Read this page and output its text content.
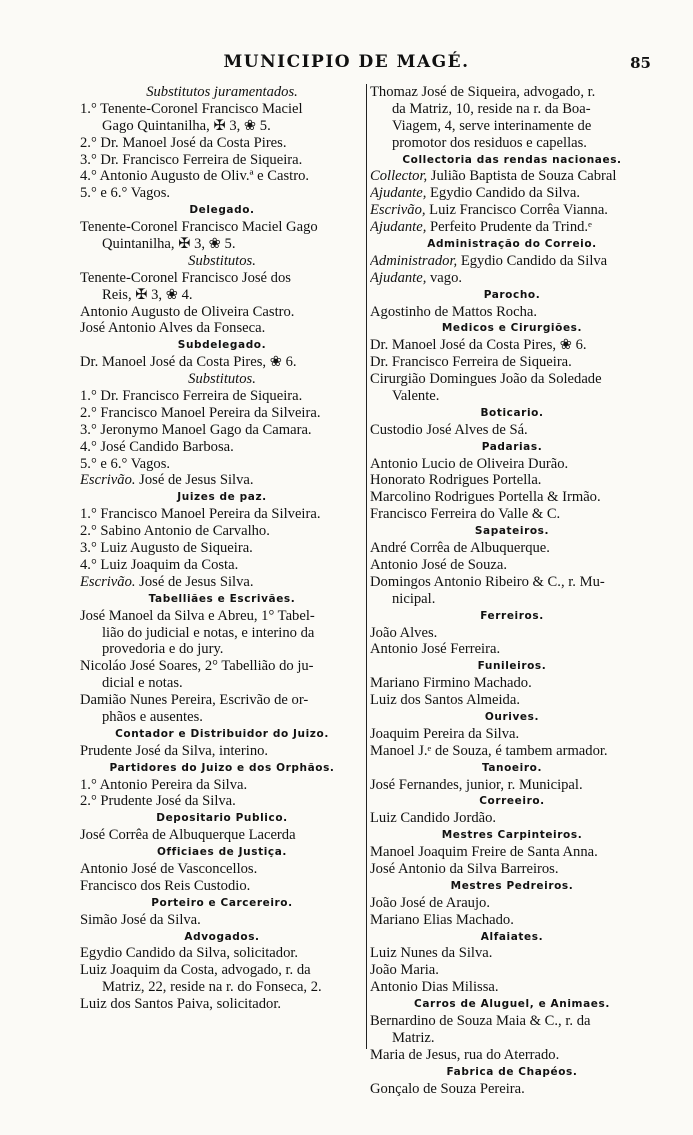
MUNICIPIO DE MAGÉ.	85
Substitutos juramentados.
1.° Tenente-Coronel Francisco Maciel
Gago Quintanilha, ✠ 3, ❀ 5.
2.° Dr. Manoel José da Costa Pires.
3.° Dr. Francisco Ferreira de Siqueira.
4.° Antonio Augusto de Oliv.ª e Castro.
5.° e 6.° Vagos.
Delegado.
Tenente-Coronel Francisco Maciel Gago
Quintanilha, ✠ 3, ❀ 5.
Substitutos.
Tenente-Coronel Francisco José dos
Reis, ✠ 3, ❀ 4.
Antonio Augusto de Oliveira Castro.
José Antonio Alves da Fonseca.
Subdelegado.
Dr. Manoel José da Costa Pires, ❀ 6.
Substitutos.
1.° Dr. Francisco Ferreira de Siqueira.
2.° Francisco Manoel Pereira da Silveira.
3.° Jeronymo Manoel Gago da Camara.
4.° José Candido Barbosa.
5.° e 6.° Vagos.
Escrivão. José de Jesus Silva.
Juizes de paz.
1.° Francisco Manoel Pereira da Silveira.
2.° Sabino Antonio de Carvalho.
3.° Luiz Augusto de Siqueira.
4.° Luiz Joaquim da Costa.
Escrivão. José de Jesus Silva.
Tabelliães e Escrivães.
José Manoel da Silva e Abreu, 1° Tabel-
lião do judicial e notas, e interino da
provedoria e do jury.
Nicoláo José Soares, 2° Tabellião do ju-
dicial e notas.
Damião Nunes Pereira, Escrivão de or-
phãos e ausentes.
Contador e Distribuidor do Juizo.
Prudente José da Silva, interino.
Partidores do Juizo e dos Orphãos.
1.° Antonio Pereira da Silva.
2.° Prudente José da Silva.
Depositario Publico.
José Corrêa de Albuquerque Lacerda
Officiaes de Justiça.
Antonio José de Vasconcellos.
Francisco dos Reis Custodio.
Porteiro e Carcereiro.
Simão José da Silva.
Advogados.
Egydio Candido da Silva, solicitador.
Luiz Joaquim da Costa, advogado, r. da
Matriz, 22, reside na r. do Fonseca, 2.
Luiz dos Santos Paiva, solicitador.
Thomaz José de Siqueira, advogado, r.
da Matriz, 10, reside na r. da Boa-
Viagem, 4, serve interinamente de
promotor dos residuos e capellas.
Collectoria das rendas nacionaes.
Collector, Julião Baptista de Souza Cabral
Ajudante, Egydio Candido da Silva.
Escrivão, Luiz Francisco Corrêa Vianna.
Ajudante, Perfeito Prudente da Trind.ᵉ
Administração do Correio.
Administrador, Egydio Candido da Silva
Ajudante, vago.
Parocho.
Agostinho de Mattos Rocha.
Medicos e Cirurgiões.
Dr. Manoel José da Costa Pires, ❀ 6.
Dr. Francisco Ferreira de Siqueira.
Cirurgião Domingues João da Soledade
Valente.
Boticario.
Custodio José Alves de Sá.
Padarias.
Antonio Lucio de Oliveira Durão.
Honorato Rodrigues Portella.
Marcolino Rodrigues Portella & Irmão.
Francisco Ferreira do Valle & C.
Sapateiros.
André Corrêa de Albuquerque.
Antonio José de Souza.
Domingos Antonio Ribeiro & C., r. Mu-
nicipal.
Ferreiros.
João Alves.
Antonio José Ferreira.
Funileiros.
Mariano Firmino Machado.
Luiz dos Santos Almeida.
Ourives.
Joaquim Pereira da Silva.
Manoel J.ᵉ de Souza, é tambem armador.
Tanoeiro.
José Fernandes, junior, r. Municipal.
Correeiro.
Luiz Candido Jordão.
Mestres Carpinteiros.
Manoel Joaquim Freire de Santa Anna.
José Antonio da Silva Barreiros.
Mestres Pedreiros.
João José de Araujo.
Mariano Elias Machado.
Alfaiates.
Luiz Nunes da Silva.
João Maria.
Antonio Dias Milissa.
Carros de Aluguel, e Animaes.
Bernardino de Souza Maia & C., r. da
Matriz.
Maria de Jesus, rua do Aterrado.
Fabrica de Chapéos.
Gonçalo de Souza Pereira.
